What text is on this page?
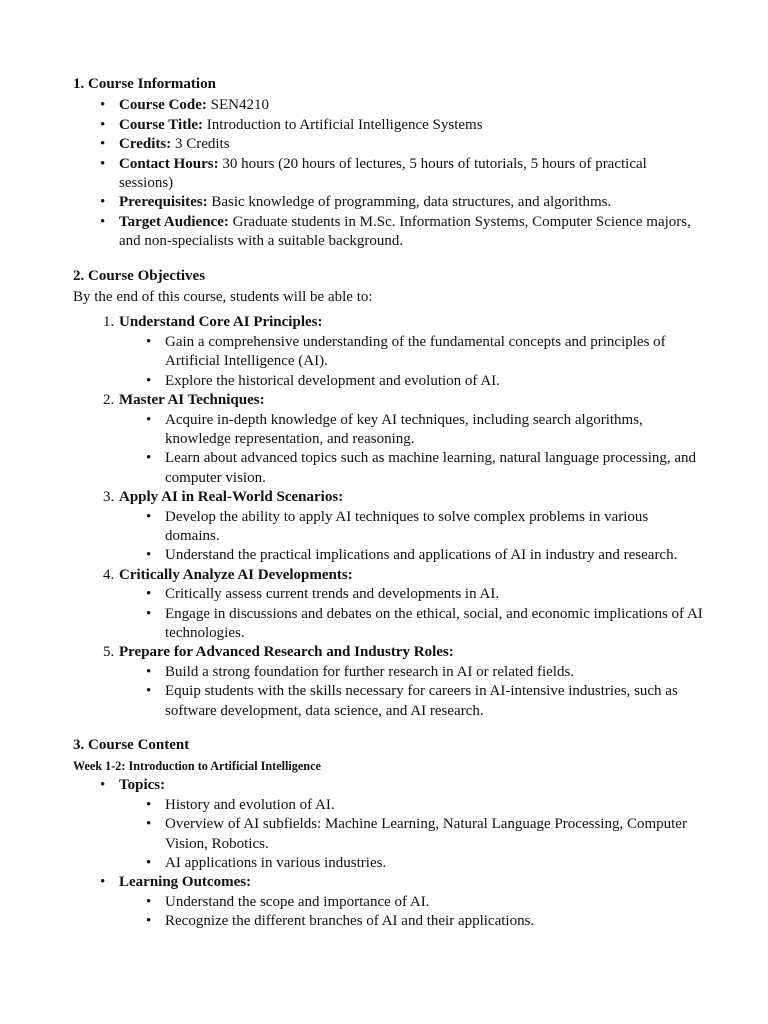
1. Course Information
• Course Code: SEN4210
• Course Title: Introduction to Artificial Intelligence Systems
• Credits: 3 Credits
• Contact Hours: 30 hours (20 hours of lectures, 5 hours of tutorials, 5 hours of practical sessions)
• Prerequisites: Basic knowledge of programming, data structures, and algorithms.
• Target Audience: Graduate students in M.Sc. Information Systems, Computer Science majors, and non-specialists with a suitable background.
2. Course Objectives

By the end of this course, students will be able to:

1. Understand Core AI Principles:
• Gain a comprehensive understanding of the fundamental concepts and principles of Artificial Intelligence (AI).
• Explore the historical development and evolution of AI.
2. Master AI Techniques:
• Acquire in-depth knowledge of key AI techniques, including search algorithms, knowledge representation, and reasoning.
• Learn about advanced topics such as machine learning, natural language processing, and computer vision.
3. Apply AI in Real-World Scenarios:
• Develop the ability to apply AI techniques to solve complex problems in various domains.
• Understand the practical implications and applications of AI in industry and research.
4. Critically Analyze AI Developments:
• Critically assess current trends and developments in AI.
• Engage in discussions and debates on the ethical, social, and economic implications of AI technologies.
5. Prepare for Advanced Research and Industry Roles:
• Build a strong foundation for further research in AI or related fields.
• Equip students with the skills necessary for careers in AI-intensive industries, such as software development, data science, and AI research.
3. Course Content
Week 1-2: Introduction to Artificial Intelligence
• Topics:
• History and evolution of AI.
• Overview of AI subfields: Machine Learning, Natural Language Processing, Computer Vision, Robotics.
• AI applications in various industries.
• Learning Outcomes:
• Understand the scope and importance of AI.
• Recognize the different branches of AI and their applications.
